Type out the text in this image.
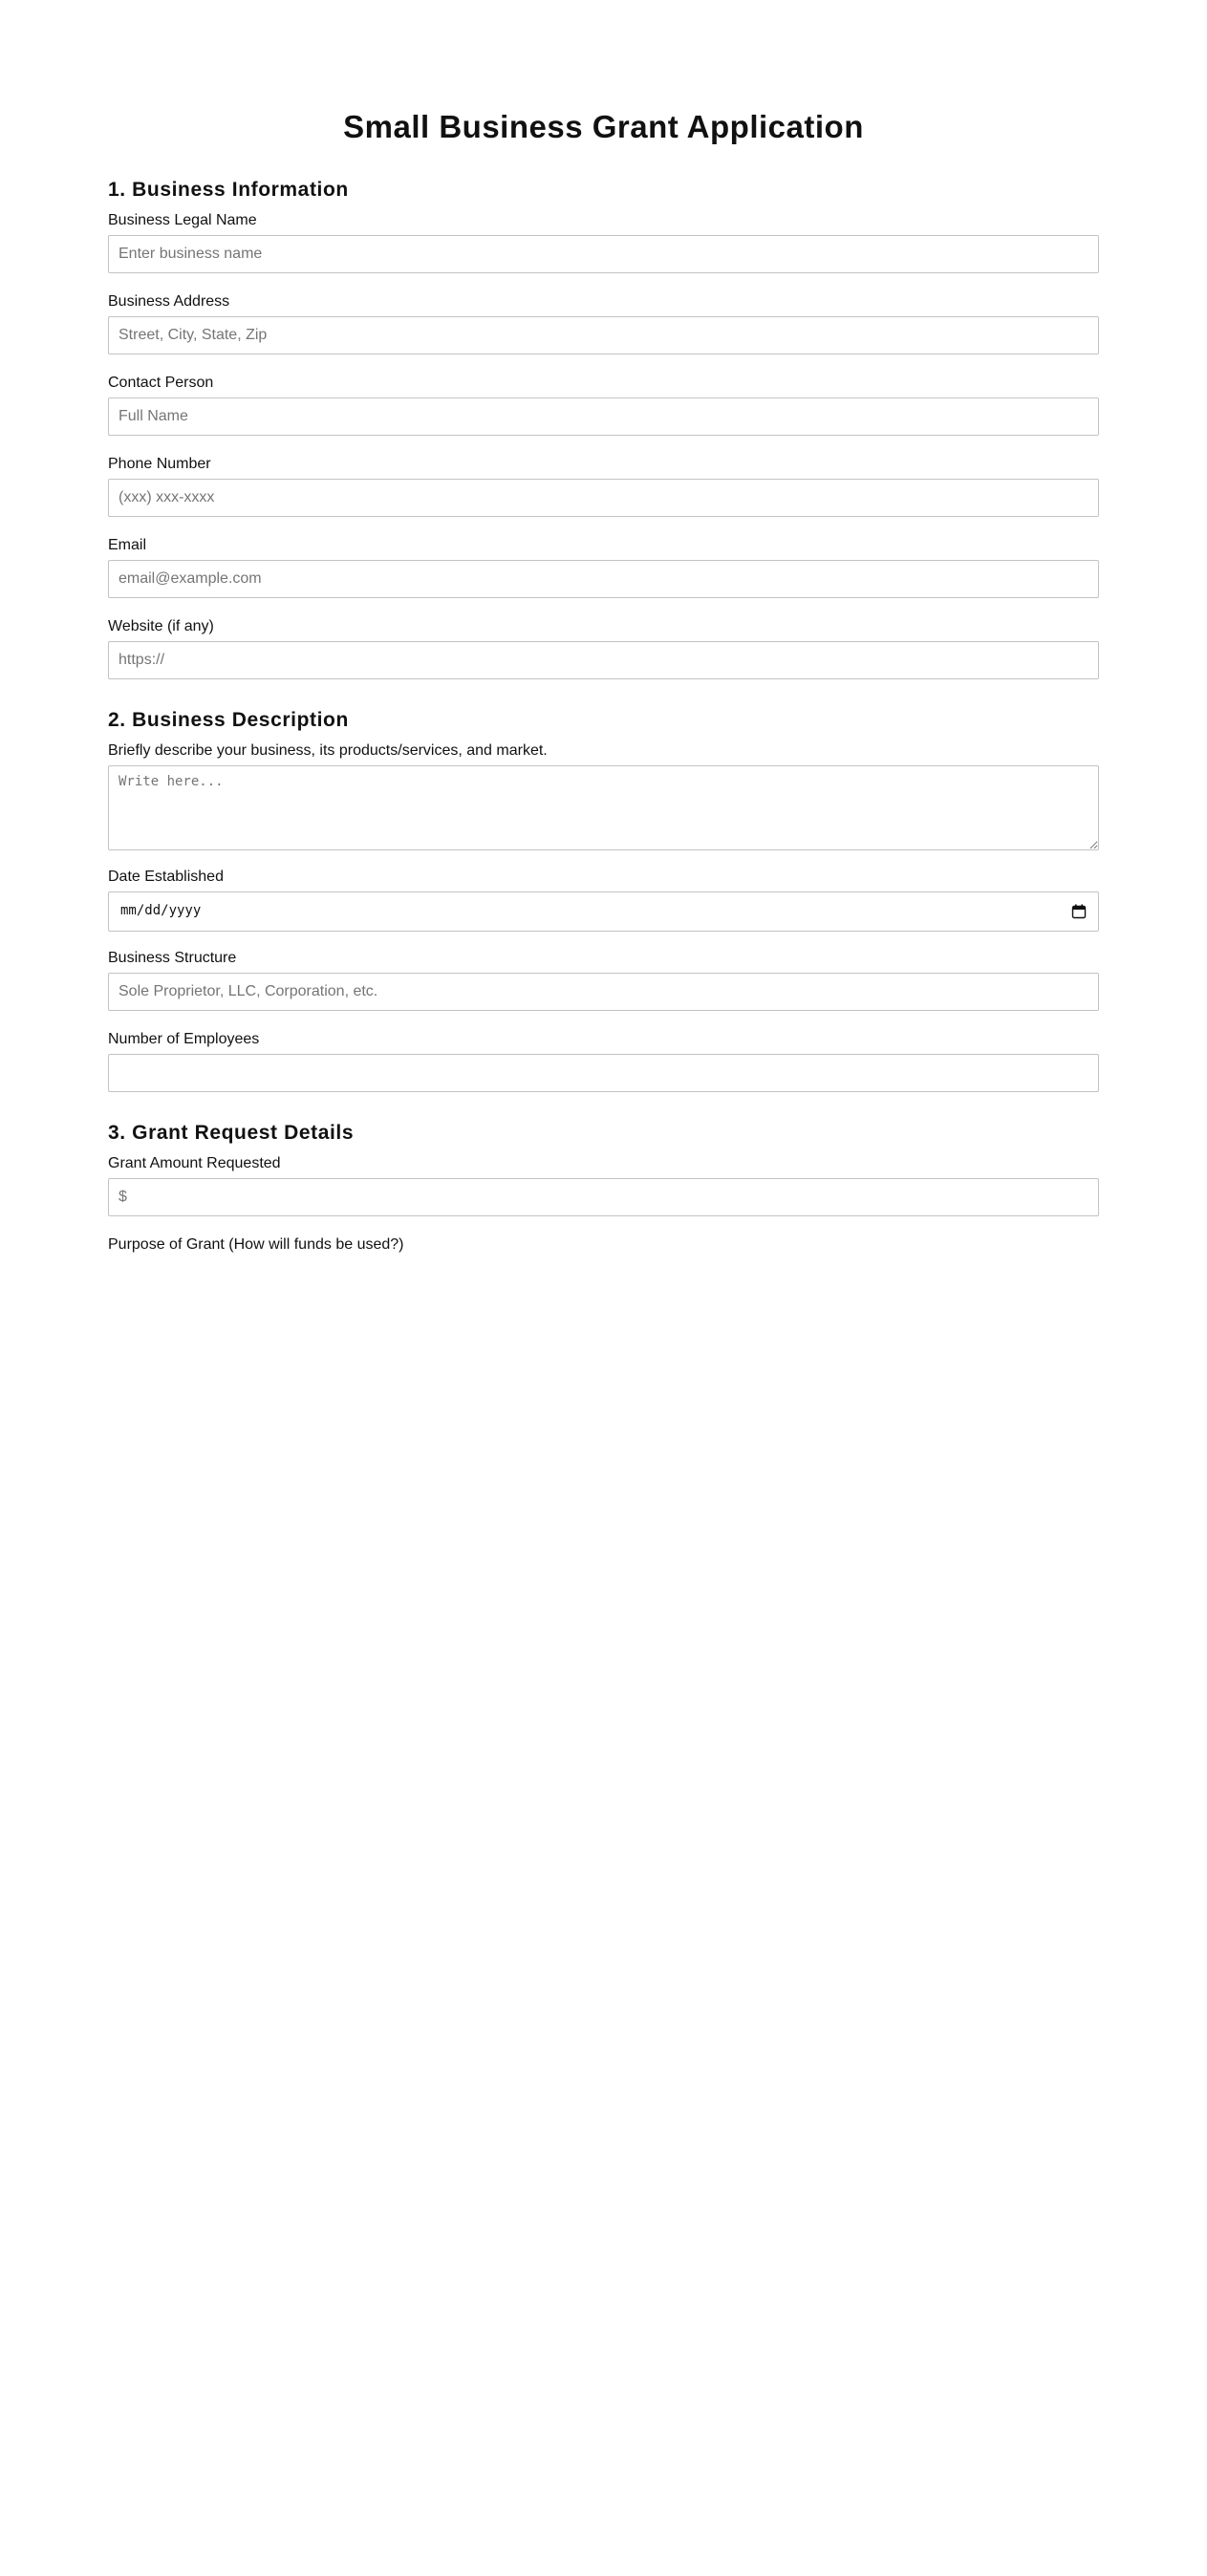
Small Business Grant Application
1. Business Information
Business Legal Name
Enter business name
Business Address
Street, City, State, Zip
Contact Person
Full Name
Phone Number
(xxx) xxx-xxxx
Email
email@example.com
Website (if any)
https://
2. Business Description
Briefly describe your business, its products/services, and market.
Write here...
Date Established
mm/dd/yyyy
Business Structure
Sole Proprietor, LLC, Corporation, etc.
Number of Employees
3. Grant Request Details
Grant Amount Requested
$
Purpose of Grant (How will funds be used?)
